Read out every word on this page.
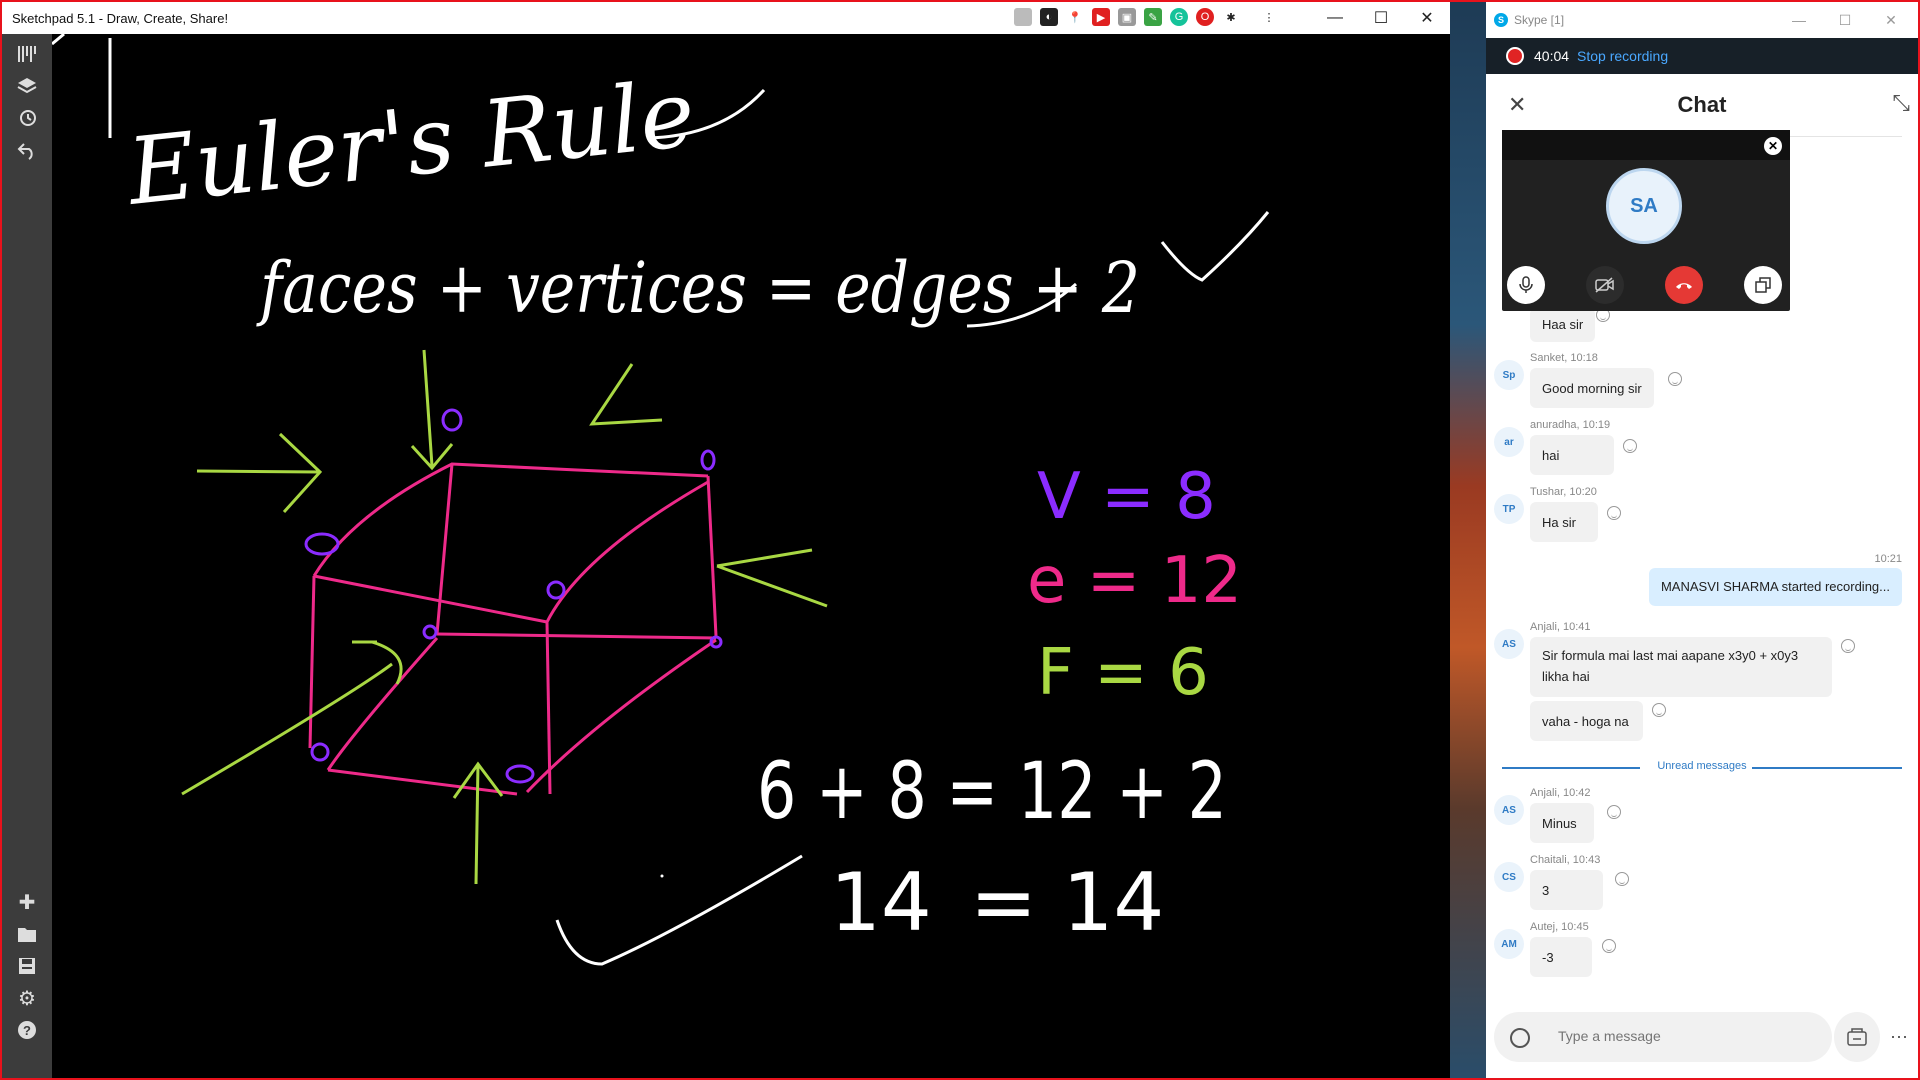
Sketchpad 5.1 - Draw, Create, Share!	◐	📍	▶	▣	✎	G	O	✱	⋮	—	☐	✕
✚
⚙
?
Euler's Rule
faces + vertices = edges + 2
6 + 8 = 12 + 2
14 = 14
V = 8
e = 12
F = 6
S Skype [1]	—	☐	✕
40:04 Stop recording
✕	Chat	⤡
Haa sir
Sp
Sanket, 10:18
Good morning sir
ar
anuradha, 10:19
hai
TP
Tushar, 10:20
Ha sir
10:21
MANASVI SHARMA started recording...
AS
Anjali, 10:41
Sir formula mai last mai aapane x3y0 + x0y3 likha hai
vaha - hoga na
Unread messages
AS
Anjali, 10:42
Minus
CS
Chaitali, 10:43
3
AM
Autej, 10:45
-3
✕
SA
Type a message
⋯
